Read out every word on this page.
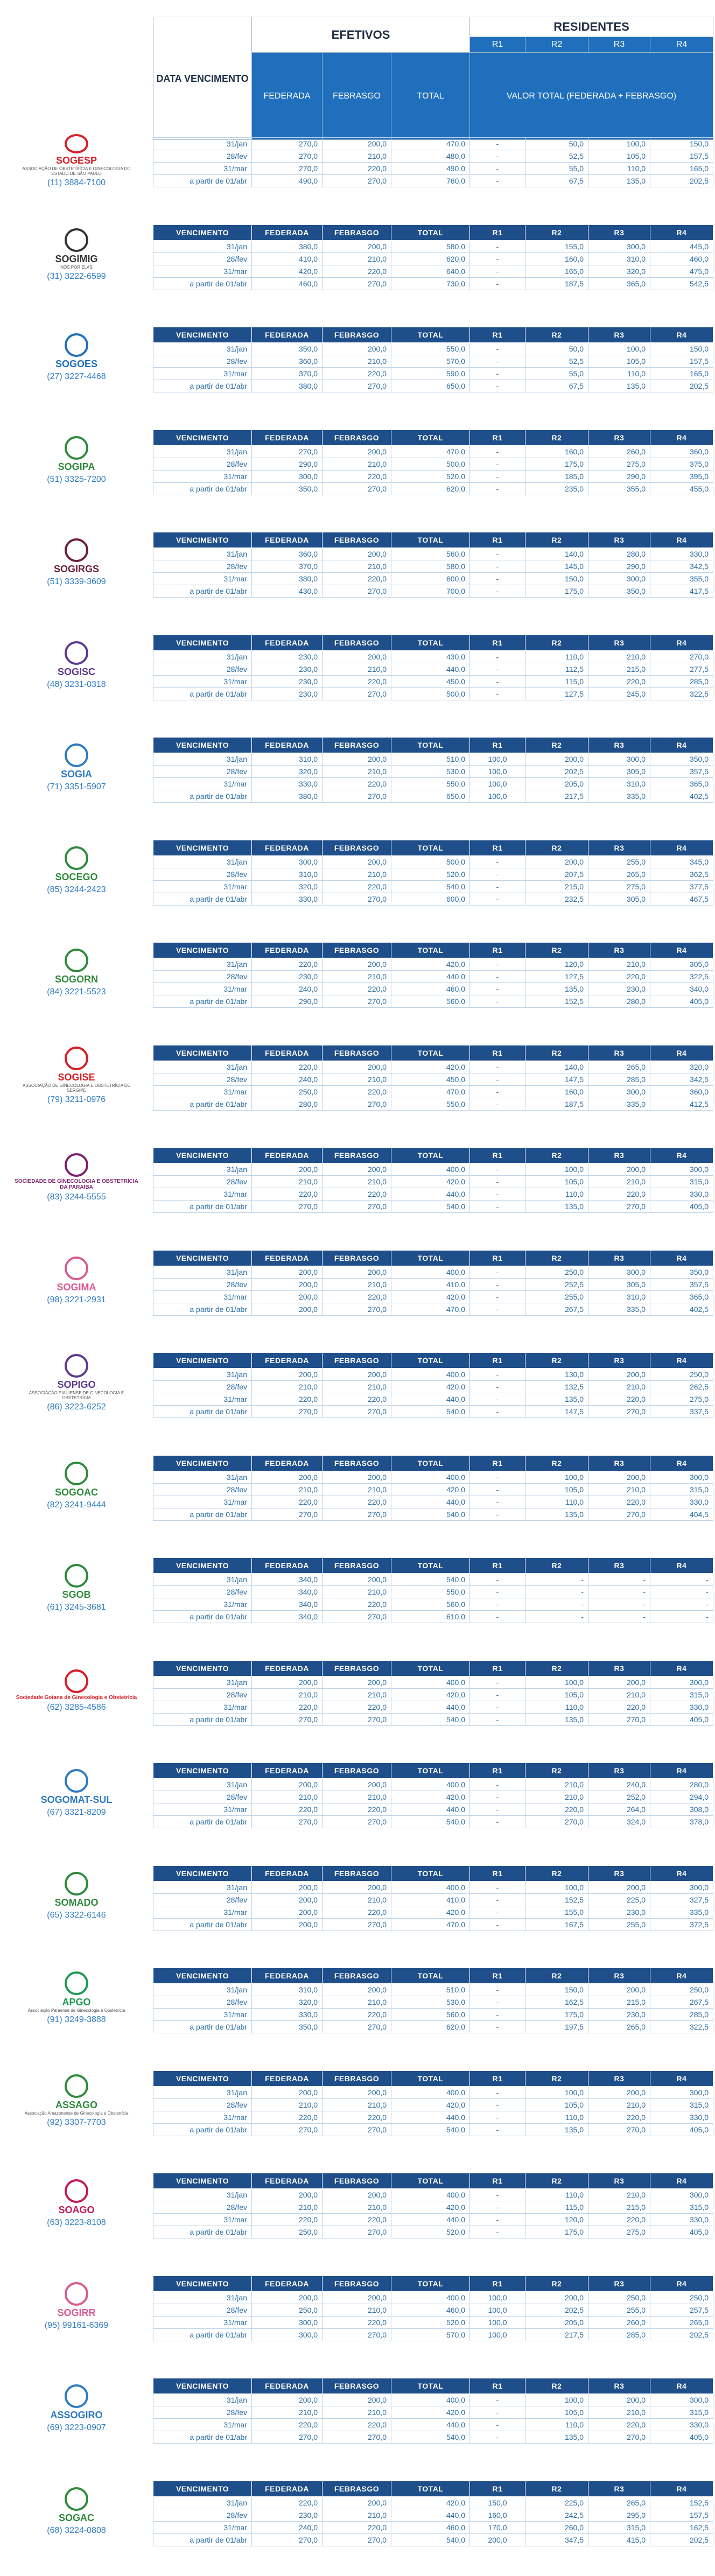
DATA VENCIMENTO	EFETIVOS			RESIDENTES			
				R1	R2	R3	R4
	FEDERADA	FEBRASGO	TOTAL	VALOR TOTAL (FEDERADA + FEBRASGO)			
SOGESP
ASSOCIAÇÃO DE OBSTETRÍCIA E GINECOLOGIA DO ESTADO DE SÃO PAULO
(11) 3884-7100
31/jan	270,0	200,0	470,0	-	50,0	100,0	150,0
28/fev	270,0	210,0	480,0	-	52,5	105,0	157,5
31/mar	270,0	220,0	490,0	-	55,0	110,0	165,0
a partir de 01/abr	490,0	270,0	760,0	-	67,5	135,0	202,5
SOGIMIG
NÓS POR ELAS
(31) 3222-6599
VENCIMENTO	FEDERADA	FEBRASGO	TOTAL	R1	R2	R3	R4
31/jan	380,0	200,0	580,0	-	155,0	300,0	445,0
28/fev	410,0	210,0	620,0	-	160,0	310,0	460,0
31/mar	420,0	220,0	640,0	-	165,0	320,0	475,0
a partir de 01/abr	460,0	270,0	730,0	-	187,5	365,0	542,5
SOGOES
(27) 3227-4468
VENCIMENTO	FEDERADA	FEBRASGO	TOTAL	R1	R2	R3	R4
31/jan	350,0	200,0	550,0	-	50,0	100,0	150,0
28/fev	360,0	210,0	570,0	-	52,5	105,0	157,5
31/mar	370,0	220,0	590,0	-	55,0	110,0	165,0
a partir de 01/abr	380,0	270,0	650,0	-	67,5	135,0	202,5
SOGIPA
(51) 3325-7200
VENCIMENTO	FEDERADA	FEBRASGO	TOTAL	R1	R2	R3	R4
31/jan	270,0	200,0	470,0	-	160,0	260,0	360,0
28/fev	290,0	210,0	500,0	-	175,0	275,0	375,0
31/mar	300,0	220,0	520,0	-	185,0	290,0	395,0
a partir de 01/abr	350,0	270,0	620,0	-	235,0	355,0	455,0
SOGIRGS
(51) 3339-3609
VENCIMENTO	FEDERADA	FEBRASGO	TOTAL	R1	R2	R3	R4
31/jan	360,0	200,0	560,0	-	140,0	280,0	330,0
28/fev	370,0	210,0	580,0	-	145,0	290,0	342,5
31/mar	380,0	220,0	600,0	-	150,0	300,0	355,0
a partir de 01/abr	430,0	270,0	700,0	-	175,0	350,0	417,5
SOGISC
(48) 3231-0318
VENCIMENTO	FEDERADA	FEBRASGO	TOTAL	R1	R2	R3	R4
31/jan	230,0	200,0	430,0	-	110,0	210,0	270,0
28/fev	230,0	210,0	440,0	-	112,5	215,0	277,5
31/mar	230,0	220,0	450,0	-	115,0	220,0	285,0
a partir de 01/abr	230,0	270,0	500,0	-	127,5	245,0	322,5
SOGIA
(71) 3351-5907
VENCIMENTO	FEDERADA	FEBRASGO	TOTAL	R1	R2	R3	R4
31/jan	310,0	200,0	510,0	100,0	200,0	300,0	350,0
28/fev	320,0	210,0	530,0	100,0	202,5	305,0	357,5
31/mar	330,0	220,0	550,0	100,0	205,0	310,0	365,0
a partir de 01/abr	380,0	270,0	650,0	100,0	217,5	335,0	402,5
SOCEGO
(85) 3244-2423
VENCIMENTO	FEDERADA	FEBRASGO	TOTAL	R1	R2	R3	R4
31/jan	300,0	200,0	500,0	-	200,0	255,0	345,0
28/fev	310,0	210,0	520,0	-	207,5	265,0	362,5
31/mar	320,0	220,0	540,0	-	215,0	275,0	377,5
a partir de 01/abr	330,0	270,0	600,0	-	232,5	305,0	467,5
SOGORN
(84) 3221-5523
VENCIMENTO	FEDERADA	FEBRASGO	TOTAL	R1	R2	R3	R4
31/jan	220,0	200,0	420,0	-	120,0	210,0	305,0
28/fev	230,0	210,0	440,0	-	127,5	220,0	322,5
31/mar	240,0	220,0	460,0	-	135,0	230,0	340,0
a partir de 01/abr	290,0	270,0	560,0	-	152,5	280,0	405,0
SOGISE
ASSOCIAÇÃO DE GINECOLOGIA E OBSTETRÍCIA DE SERGIPE
(79) 3211-0976
VENCIMENTO	FEDERADA	FEBRASGO	TOTAL	R1	R2	R3	R4
31/jan	220,0	200,0	420,0	-	140,0	265,0	320,0
28/fev	240,0	210,0	450,0	-	147,5	285,0	342,5
31/mar	250,0	220,0	470,0	-	160,0	300,0	360,0
a partir de 01/abr	280,0	270,0	550,0	-	187,5	335,0	412,5
SOCIEDADE DE GINECOLOGIA E OBSTETRÍCIA DA PARAÍBA
(83) 3244-5555
VENCIMENTO	FEDERADA	FEBRASGO	TOTAL	R1	R2	R3	R4
31/jan	200,0	200,0	400,0	-	100,0	200,0	300,0
28/fev	210,0	210,0	420,0	-	105,0	210,0	315,0
31/mar	220,0	220,0	440,0	-	110,0	220,0	330,0
a partir de 01/abr	270,0	270,0	540,0	-	135,0	270,0	405,0
SOGIMA
(98) 3221-2931
VENCIMENTO	FEDERADA	FEBRASGO	TOTAL	R1	R2	R3	R4
31/jan	200,0	200,0	400,0	-	250,0	300,0	350,0
28/fev	200,0	210,0	410,0	-	252,5	305,0	357,5
31/mar	200,0	220,0	420,0	-	255,0	310,0	365,0
a partir de 01/abr	200,0	270,0	470,0	-	267,5	335,0	402,5
SOPIGO
ASSOCIAÇÃO PIAUIENSE DE GINECOLOGIA E OBSTETRÍCIA
(86) 3223-6252
VENCIMENTO	FEDERADA	FEBRASGO	TOTAL	R1	R2	R3	R4
31/jan	200,0	200,0	400,0	-	130,0	200,0	250,0
28/fev	210,0	210,0	420,0	-	132,5	210,0	262,5
31/mar	220,0	220,0	440,0	-	135,0	220,0	275,0
a partir de 01/abr	270,0	270,0	540,0	-	147,5	270,0	337,5
SOGOAC
(82) 3241-9444
VENCIMENTO	FEDERADA	FEBRASGO	TOTAL	R1	R2	R3	R4
31/jan	200,0	200,0	400,0	-	100,0	200,0	300,0
28/fev	210,0	210,0	420,0	-	105,0	210,0	315,0
31/mar	220,0	220,0	440,0	-	110,0	220,0	330,0
a partir de 01/abr	270,0	270,0	540,0	-	135,0	270,0	404,5
SGOB
(61) 3245-3681
VENCIMENTO	FEDERADA	FEBRASGO	TOTAL	R1	R2	R3	R4
31/jan	340,0	200,0	540,0	-	-	-	-
28/fev	340,0	210,0	550,0	-	-	-	-
31/mar	340,0	220,0	560,0	-	-	-	-
a partir de 01/abr	340,0	270,0	610,0	-	-	-	-
Sociedade Goiana de Ginecologia e Obstetrícia
(62) 3285-4586
VENCIMENTO	FEDERADA	FEBRASGO	TOTAL	R1	R2	R3	R4
31/jan	200,0	200,0	400,0	-	100,0	200,0	300,0
28/fev	210,0	210,0	420,0	-	105,0	210,0	315,0
31/mar	220,0	220,0	440,0	-	110,0	220,0	330,0
a partir de 01/abr	270,0	270,0	540,0	-	135,0	270,0	405,0
SOGOMAT-SUL
(67) 3321-8209
VENCIMENTO	FEDERADA	FEBRASGO	TOTAL	R1	R2	R3	R4
31/jan	200,0	200,0	400,0	-	210,0	240,0	280,0
28/fev	210,0	210,0	420,0	-	210,0	252,0	294,0
31/mar	220,0	220,0	440,0	-	220,0	264,0	308,0
a partir de 01/abr	270,0	270,0	540,0	-	270,0	324,0	378,0
SOMADO
(65) 3322-6146
VENCIMENTO	FEDERADA	FEBRASGO	TOTAL	R1	R2	R3	R4
31/jan	200,0	200,0	400,0	-	100,0	200,0	300,0
28/fev	200,0	210,0	410,0	-	152,5	225,0	327,5
31/mar	200,0	220,0	420,0	-	155,0	230,0	335,0
a partir de 01/abr	200,0	270,0	470,0	-	167,5	255,0	372,5
APGO
Associação Paraense de Ginecologia e Obstetrícia
(91) 3249-3888
VENCIMENTO	FEDERADA	FEBRASGO	TOTAL	R1	R2	R3	R4
31/jan	310,0	200,0	510,0	-	150,0	200,0	250,0
28/fev	320,0	210,0	530,0	-	162,5	215,0	267,5
31/mar	330,0	220,0	560,0	-	175,0	230,0	285,0
a partir de 01/abr	350,0	270,0	620,0	-	197,5	265,0	322,5
ASSAGO
Associação Amazonense de Ginecologia e Obstetrícia
(92) 3307-7703
VENCIMENTO	FEDERADA	FEBRASGO	TOTAL	R1	R2	R3	R4
31/jan	200,0	200,0	400,0	-	100,0	200,0	300,0
28/fev	210,0	210,0	420,0	-	105,0	210,0	315,0
31/mar	220,0	220,0	440,0	-	110,0	220,0	330,0
a partir de 01/abr	270,0	270,0	540,0	-	135,0	270,0	405,0
SOAGO
(63) 3223-8108
VENCIMENTO	FEDERADA	FEBRASGO	TOTAL	R1	R2	R3	R4
31/jan	200,0	200,0	400,0	-	110,0	210,0	300,0
28/fev	210,0	210,0	420,0	-	115,0	215,0	315,0
31/mar	220,0	220,0	440,0	-	120,0	220,0	330,0
a partir de 01/abr	250,0	270,0	520,0	-	175,0	275,0	405,0
SOGIRR
(95) 99161-6369
VENCIMENTO	FEDERADA	FEBRASGO	TOTAL	R1	R2	R3	R4
31/jan	200,0	200,0	400,0	100,0	200,0	250,0	250,0
28/fev	250,0	210,0	460,0	100,0	202,5	255,0	257,5
31/mar	300,0	220,0	520,0	100,0	205,0	260,0	265,0
a partir de 01/abr	300,0	270,0	570,0	100,0	217,5	285,0	202,5
ASSOGIRO
(69) 3223-0907
VENCIMENTO	FEDERADA	FEBRASGO	TOTAL	R1	R2	R3	R4
31/jan	200,0	200,0	400,0	-	100,0	200,0	300,0
28/fev	210,0	210,0	420,0	-	105,0	210,0	315,0
31/mar	220,0	220,0	440,0	-	110,0	220,0	330,0
a partir de 01/abr	270,0	270,0	540,0	-	135,0	270,0	405,0
SOGAC
(68) 3224-0808
VENCIMENTO	FEDERADA	FEBRASGO	TOTAL	R1	R2	R3	R4
31/jan	220,0	200,0	420,0	150,0	225,0	265,0	152,5
28/fev	230,0	210,0	440,0	160,0	242,5	295,0	157,5
31/mar	240,0	220,0	460,0	170,0	260,0	315,0	162,5
a partir de 01/abr	270,0	270,0	540,0	200,0	347,5	415,0	202,5
